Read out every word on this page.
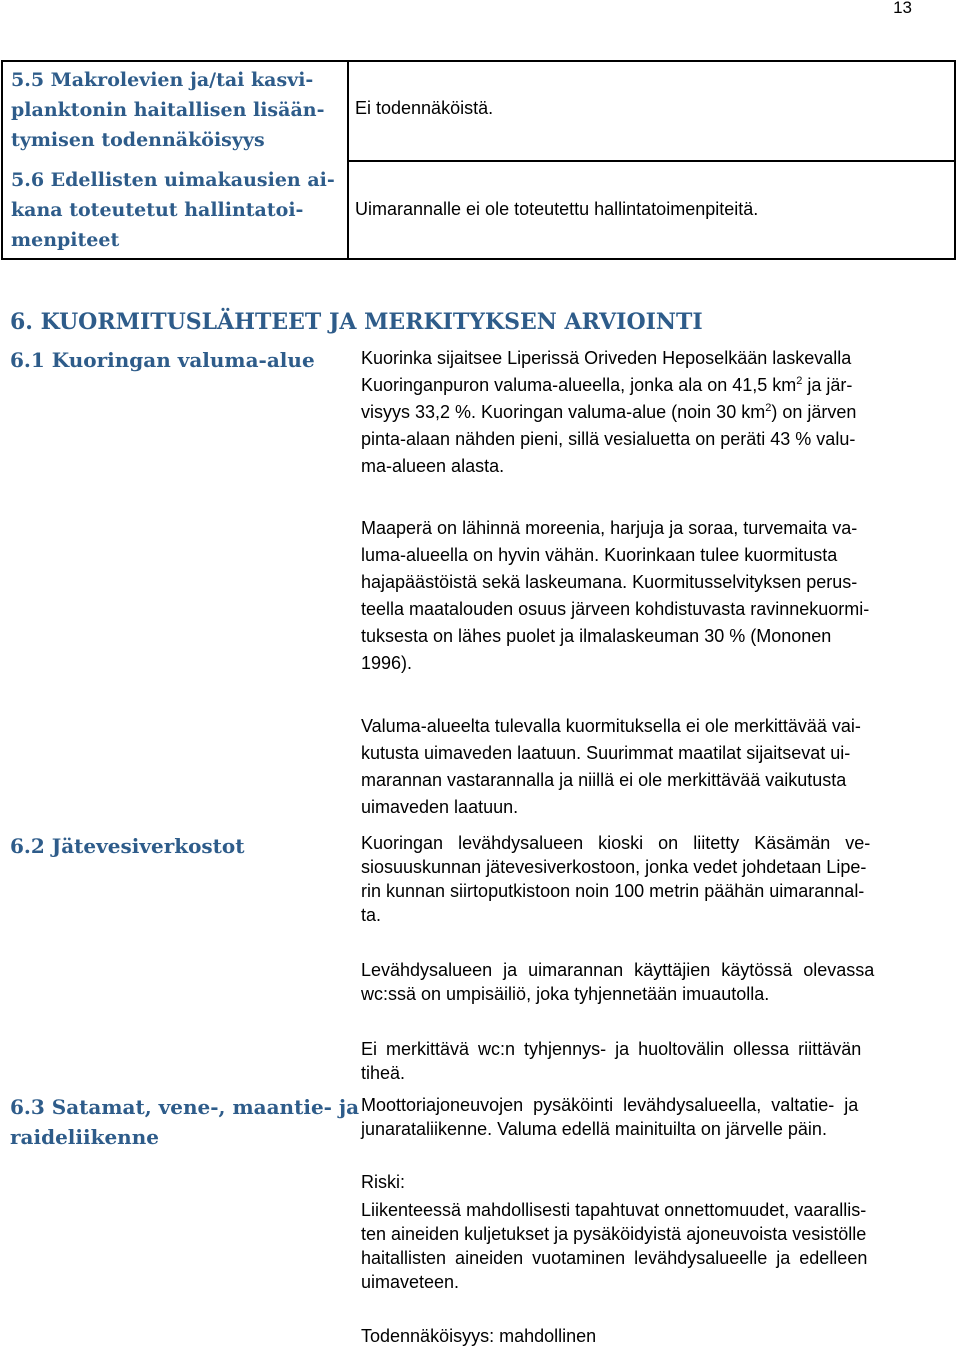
13
5.5 Makrolevien ja/tai kasvi-
planktonin haitallisen lisään-
tymisen todennäköisyys
Ei todennäköistä.
5.6 Edellisten uimakausien ai-
kana toteutetut hallintatoi-
menpiteet
Uimarannalle ei ole toteutettu hallintatoimenpiteitä.
6. KUORMITUSLÄHTEET JA MERKITYKSEN ARVIOINTI
6.1 Kuoringan valuma-alue	Kuorinka sijaitsee Liperissä Oriveden Heposelkään laskevalla
Kuoringanpuron valuma-alueella, jonka ala on 41,5 $km^2$ ja jär-
visyys 33,2 %. Kuoringan valuma-alue (noin 30 $km^2$) on järven
pinta-alaan nähden pieni, sillä vesialuetta on peräti 43 % valu-
ma-alueen alasta.
Maaperä on lähinnä moreenia, harjuja ja soraa, turvemaita va-
luma-alueella on hyvin vähän. Kuorinkaan tulee kuormitusta
hajapäästöistä sekä laskeumana. Kuormitusselvityksen perus-
teella maatalouden osuus järveen kohdistuvasta ravinnekuormi-
tuksesta on lähes puolet ja ilmalaskeuman 30 % (Mononen
1996).
Valuma-alueelta tulevalla kuormituksella ei ole merkittävää vai-
kutusta uimaveden laatuun. Suurimmat maatilat sijaitsevat ui-
marannan vastarannalla ja niillä ei ole merkittävää vaikutusta
uimaveden laatuun.
6.2 Jätevesiverkostot	Kuoringan levähdysalueen kioski on liitetty Käsämän ve-
siosuuskunnan jätevesiverkostoon, jonka vedet johdetaan Lipe-
rin kunnan siirtoputkistoon noin 100 metrin päähän uimarannal-
ta.
Levähdysalueen ja uimarannan käyttäjien käytössä olevassa
wc:ssä on umpisäiliö, joka tyhjennetään imuautolla.
Ei merkittävä wc:n tyhjennys- ja huoltovälin ollessa riittävän
tiheä.
6.3 Satamat, vene-, maantie- ja
raideliikenne
Moottoriajoneuvojen pysäköinti levähdysalueella, valtatie- ja
junarataliikenne. Valuma edellä mainituilta on järvelle päin.
Riski:
Liikenteessä mahdollisesti tapahtuvat onnettomuudet, vaarallis-
ten aineiden kuljetukset ja pysäköidyistä ajoneuvoista vesistölle
haitallisten aineiden vuotaminen levähdysalueelle ja edelleen
uimaveteen.
Todennäköisyys: mahdollinen
